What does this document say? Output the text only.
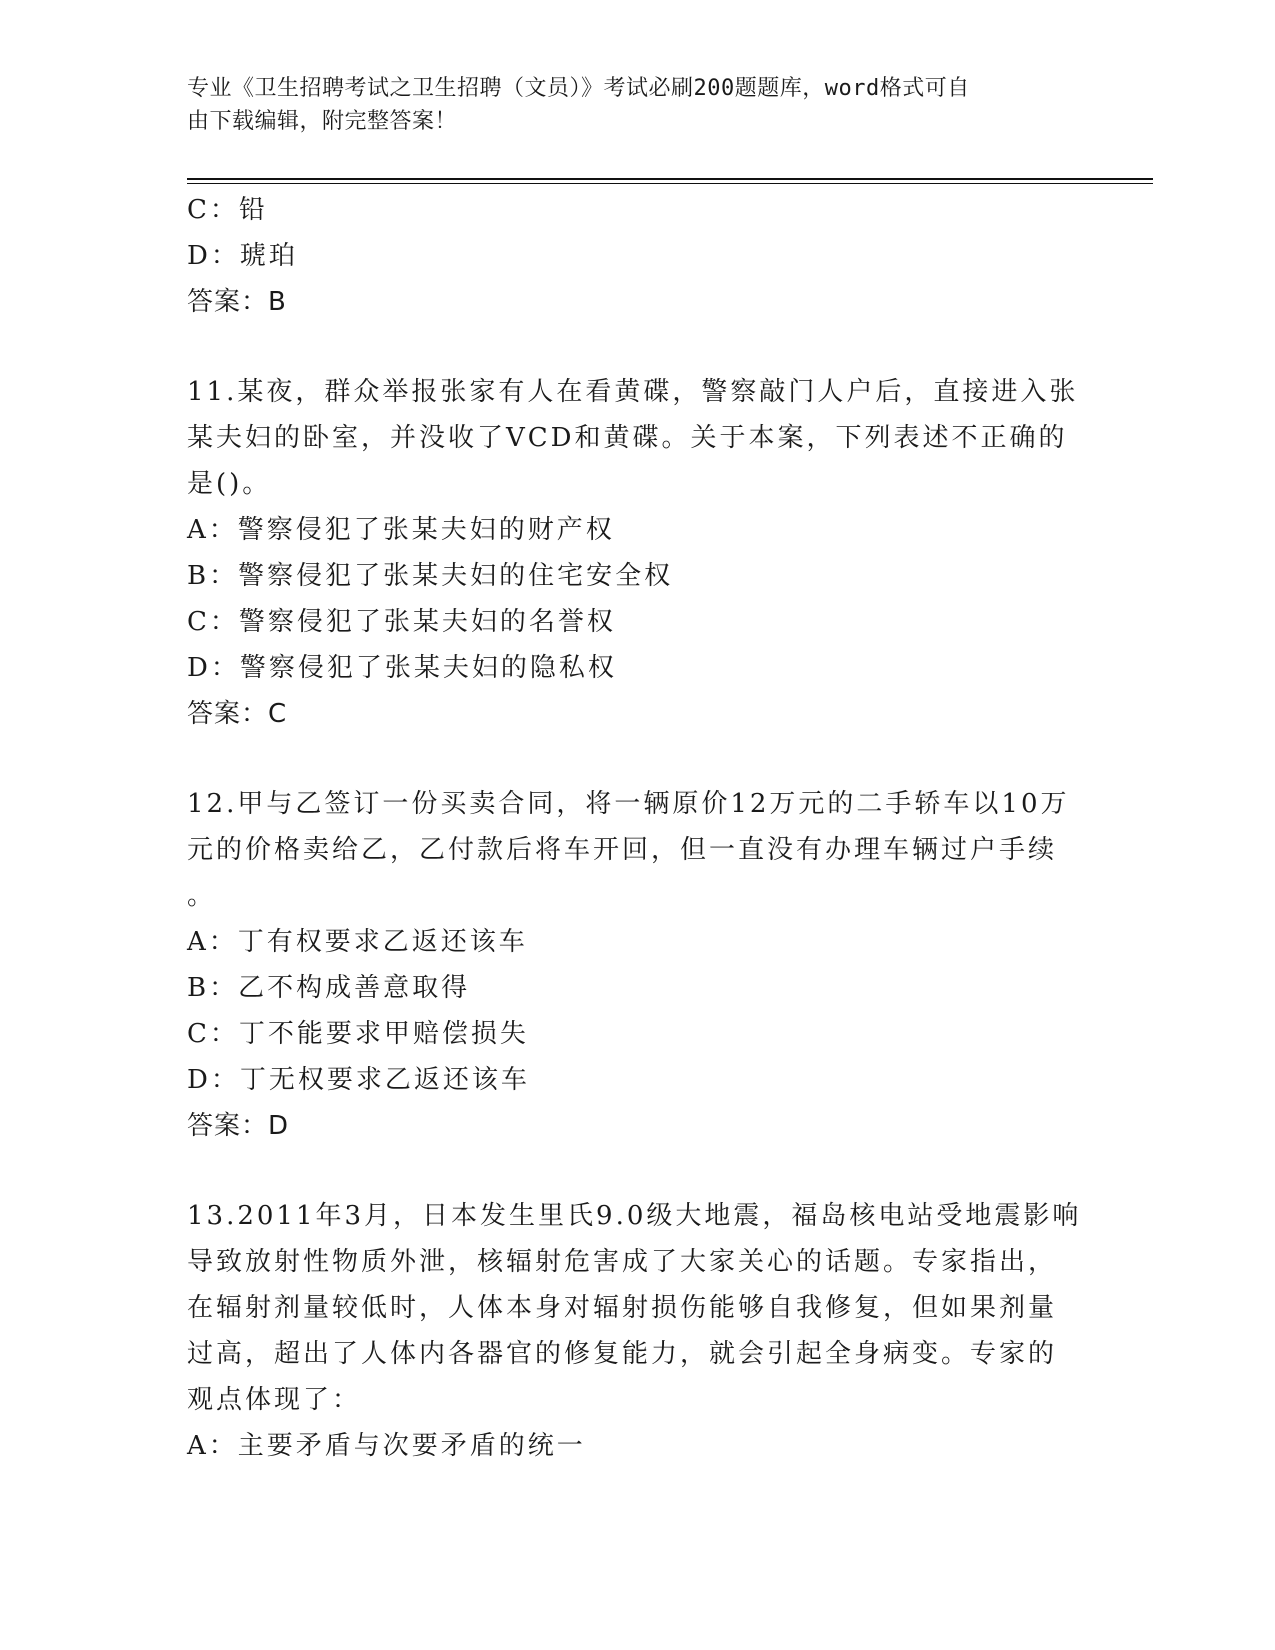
专业《卫生招聘考试之卫生招聘（文员）》考试必刷200题题库，word格式可自
由下载编辑，附完整答案！
C：铅
D：琥珀
答案：B
11.某夜，群众举报张家有人在看黄碟，警察敲门人户后，直接进入张
某夫妇的卧室，并没收了VCD和黄碟。关于本案，下列表述不正确的
是()。
A：警察侵犯了张某夫妇的财产权
B：警察侵犯了张某夫妇的住宅安全权
C：警察侵犯了张某夫妇的名誉权
D：警察侵犯了张某夫妇的隐私权
答案：C
12.甲与乙签订一份买卖合同，将一辆原价12万元的二手轿车以10万
元的价格卖给乙，乙付款后将车开回，但一直没有办理车辆过户手续
。
A：丁有权要求乙返还该车
B：乙不构成善意取得
C：丁不能要求甲赔偿损失
D：丁无权要求乙返还该车
答案：D
13.2011年3月，日本发生里氏9.0级大地震，福岛核电站受地震影响
导致放射性物质外泄，核辐射危害成了大家关心的话题。专家指出，
在辐射剂量较低时，人体本身对辐射损伤能够自我修复，但如果剂量
过高，超出了人体内各器官的修复能力，就会引起全身病变。专家的
观点体现了：
A：主要矛盾与次要矛盾的统一
